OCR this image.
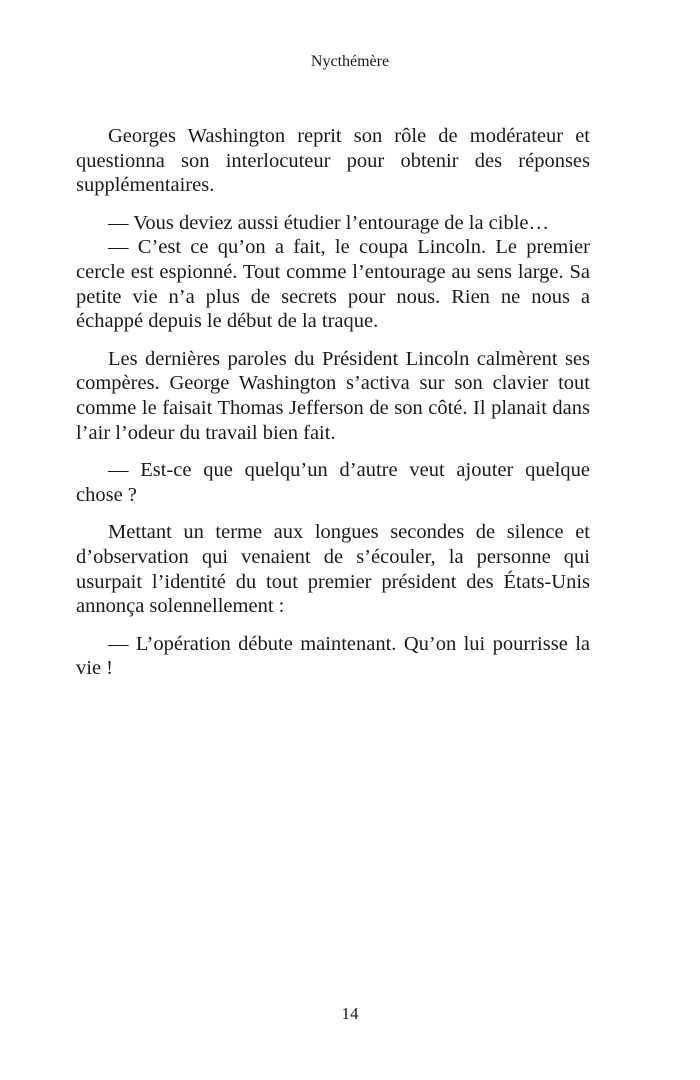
Nycthémère

Georges Washington reprit son rôle de modérateur et questionna son interlocuteur pour obtenir des réponses supplémentaires.

— Vous deviez aussi étudier l’entourage de la cible…

— C’est ce qu’on a fait, le coupa Lincoln. Le premier cercle est espionné. Tout comme l’entourage au sens large. Sa petite vie n’a plus de secrets pour nous. Rien ne nous a échappé depuis le début de la traque.

Les dernières paroles du Président Lincoln calmèrent ses compères. George Washington s’activa sur son clavier tout comme le faisait Thomas Jefferson de son côté. Il planait dans l’air l’odeur du travail bien fait.

— Est-ce que quelqu’un d’autre veut ajouter quelque chose ?

Mettant un terme aux longues secondes de silence et d’observation qui venaient de s’écouler, la personne qui usurpait l’identité du tout premier président des États-Unis annonça solennellement :

— L’opération débute maintenant. Qu’on lui pourrisse la vie !

14
